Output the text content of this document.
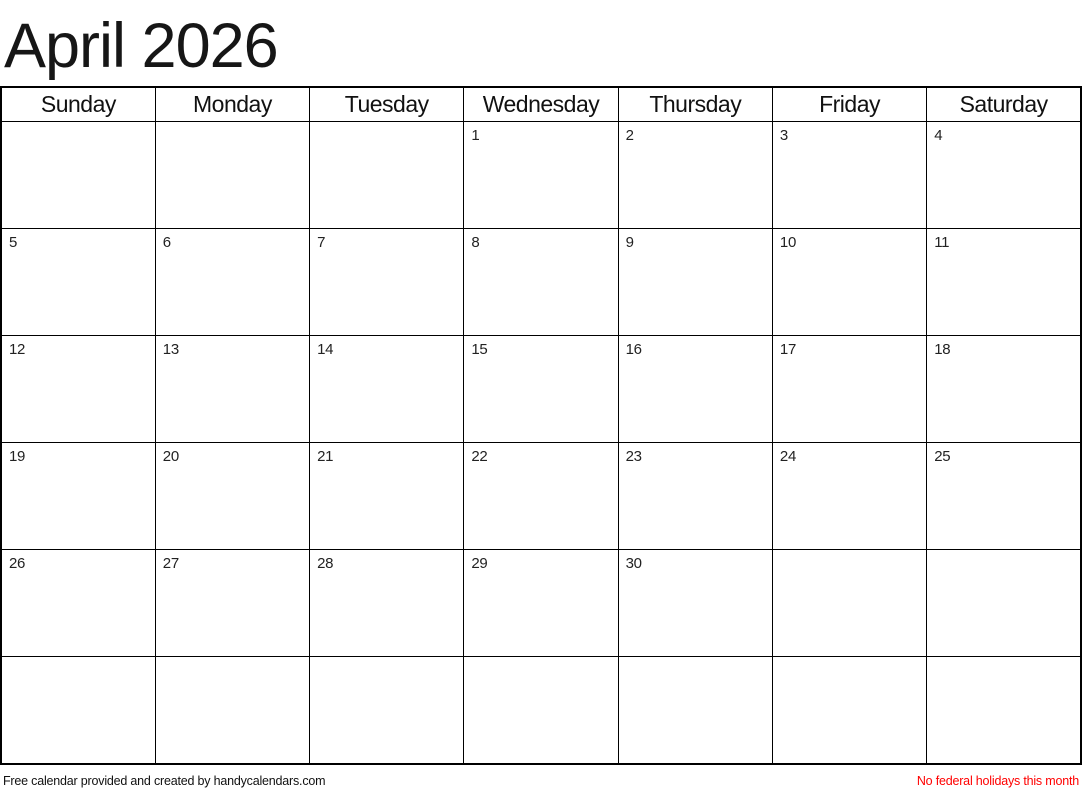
April 2026
Sunday	Monday	Tuesday	Wednesday	Thursday	Friday	Saturday
			1	2	3	4
5	6	7	8	9	10	11
12	13	14	15	16	17	18
19	20	21	22	23	24	25
26	27	28	29	30		

Free calendar provided and created by handycalendars.com	No federal holidays this month
